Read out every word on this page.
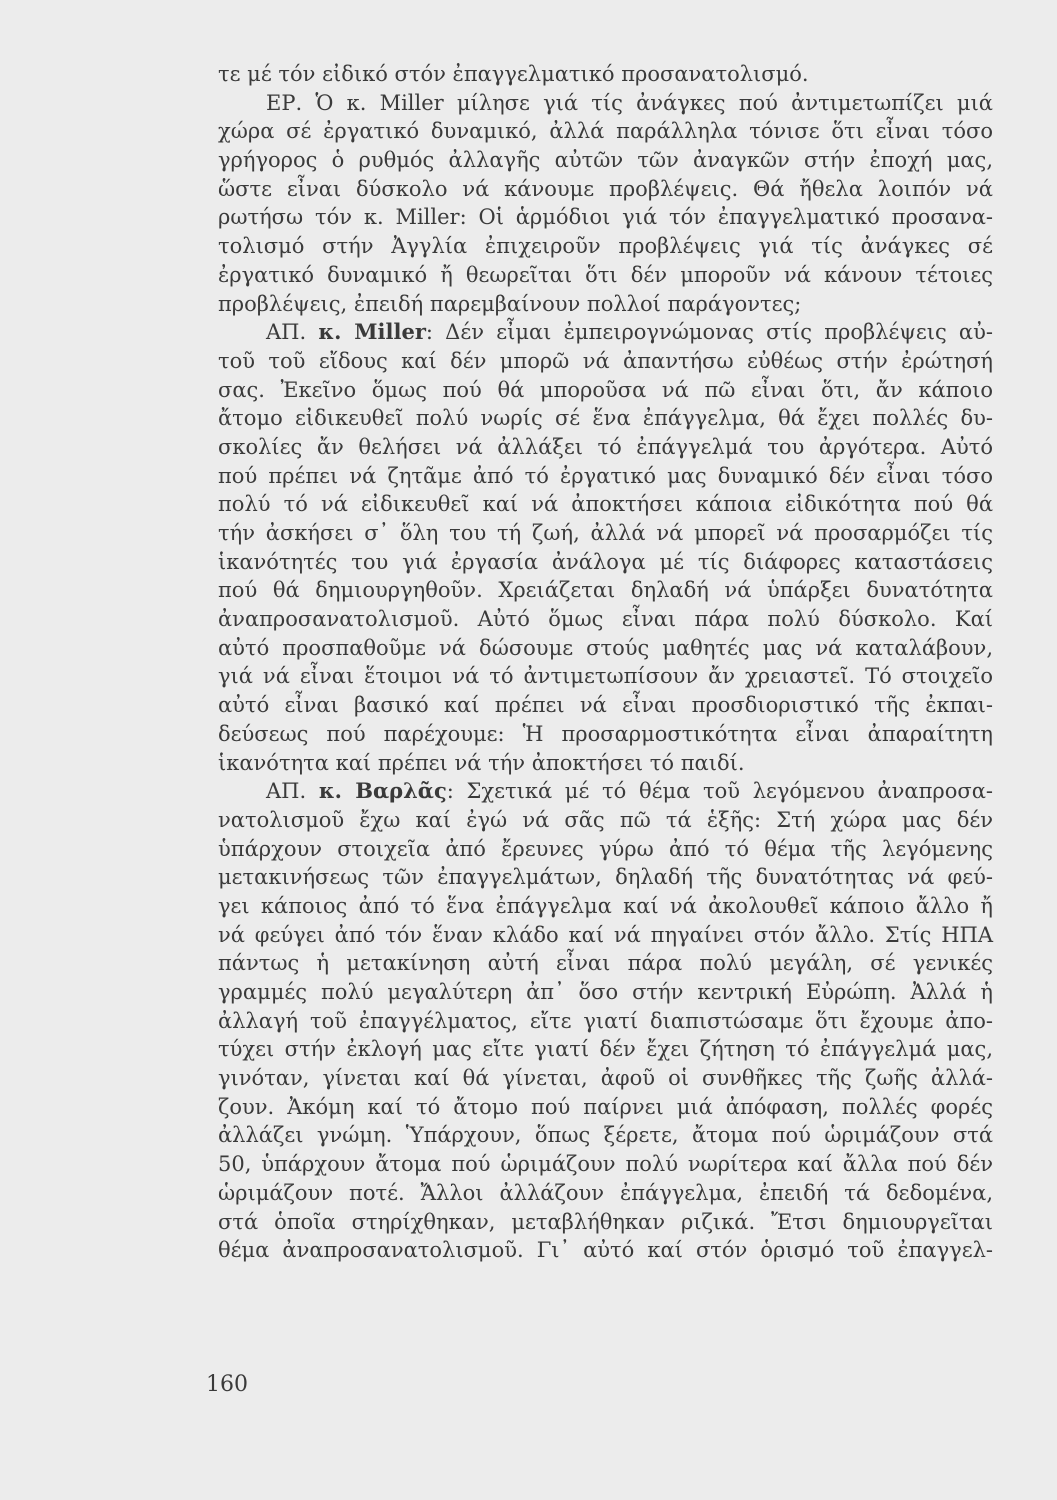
τε μέ τόν εἰδικό στόν ἐπαγγελματικό προσανατολισμό.
ΕΡ. Ὁ κ. Miller μίλησε γιά τίς ἀνάγκες πού ἀντιμετωπίζει μιά
χώρα σέ ἐργατικό δυναμικό, ἀλλά παράλληλα τόνισε ὅτι εἶναι τόσο
γρήγορος ὁ ρυθμός ἀλλαγῆς αὐτῶν τῶν ἀναγκῶν στήν ἐποχή μας,
ὥστε εἶναι δύσκολο νά κάνουμε προβλέψεις. Θά ἤθελα λοιπόν νά
ρωτήσω τόν κ. Miller: Οἱ ἁρμόδιοι γιά τόν ἐπαγγελματικό προσανα-
τολισμό στήν Ἀγγλία ἐπιχειροῦν προβλέψεις γιά τίς ἀνάγκες σέ
ἐργατικό δυναμικό ἤ θεωρεῖται ὅτι δέν μποροῦν νά κάνουν τέτοιες
προβλέψεις, ἐπειδή παρεμβαίνουν πολλοί παράγοντες;
ΑΠ. κ. Miller: Δέν εἶμαι ἐμπειρογνώμονας στίς προβλέψεις αὐ-
τοῦ τοῦ εἴδους καί δέν μπορῶ νά ἀπαντήσω εὐθέως στήν ἐρώτησή
σας. Ἐκεῖνο ὅμως πού θά μποροῦσα νά πῶ εἶναι ὅτι, ἄν κάποιο
ἄτομο εἰδικευθεῖ πολύ νωρίς σέ ἕνα ἐπάγγελμα, θά ἔχει πολλές δυ-
σκολίες ἄν θελήσει νά ἀλλάξει τό ἐπάγγελμά του ἀργότερα. Αὐτό
πού πρέπει νά ζητᾶμε ἀπό τό ἐργατικό μας δυναμικό δέν εἶναι τόσο
πολύ τό νά εἰδικευθεῖ καί νά ἀποκτήσει κάποια εἰδικότητα πού θά
τήν ἀσκήσει σ᾽ ὅλη του τή ζωή, ἀλλά νά μπορεῖ νά προσαρμόζει τίς
ἱκανότητές του γιά ἐργασία ἀνάλογα μέ τίς διάφορες καταστάσεις
πού θά δημιουργηθοῦν. Χρειάζεται δηλαδή νά ὑπάρξει δυνατότητα
ἀναπροσανατολισμοῦ. Αὐτό ὅμως εἶναι πάρα πολύ δύσκολο. Καί
αὐτό προσπαθοῦμε νά δώσουμε στούς μαθητές μας νά καταλάβουν,
γιά νά εἶναι ἕτοιμοι νά τό ἀντιμετωπίσουν ἄν χρειαστεῖ. Τό στοιχεῖο
αὐτό εἶναι βασικό καί πρέπει νά εἶναι προσδιοριστικό τῆς ἐκπαι-
δεύσεως πού παρέχουμε: Ἡ προσαρμοστικότητα εἶναι ἀπαραίτητη
ἱκανότητα καί πρέπει νά τήν ἀποκτήσει τό παιδί.
ΑΠ. κ. Βαρλᾶς: Σχετικά μέ τό θέμα τοῦ λεγόμενου ἀναπροσα-
νατολισμοῦ ἔχω καί ἐγώ νά σᾶς πῶ τά ἑξῆς: Στή χώρα μας δέν
ὑπάρχουν στοιχεῖα ἀπό ἔρευνες γύρω ἀπό τό θέμα τῆς λεγόμενης
μετακινήσεως τῶν ἐπαγγελμάτων, δηλαδή τῆς δυνατότητας νά φεύ-
γει κάποιος ἀπό τό ἕνα ἐπάγγελμα καί νά ἀκολουθεῖ κάποιο ἄλλο ἤ
νά φεύγει ἀπό τόν ἕναν κλάδο καί νά πηγαίνει στόν ἄλλο. Στίς ΗΠΑ
πάντως ἡ μετακίνηση αὐτή εἶναι πάρα πολύ μεγάλη, σέ γενικές
γραμμές πολύ μεγαλύτερη ἀπ᾽ ὅσο στήν κεντρική Εὐρώπη. Ἀλλά ἡ
ἀλλαγή τοῦ ἐπαγγέλματος, εἴτε γιατί διαπιστώσαμε ὅτι ἔχουμε ἀπο-
τύχει στήν ἐκλογή μας εἴτε γιατί δέν ἔχει ζήτηση τό ἐπάγγελμά μας,
γινόταν, γίνεται καί θά γίνεται, ἀφοῦ οἱ συνθῆκες τῆς ζωῆς ἀλλά-
ζουν. Ἀκόμη καί τό ἄτομο πού παίρνει μιά ἀπόφαση, πολλές φορές
ἀλλάζει γνώμη. Ὑπάρχουν, ὅπως ξέρετε, ἄτομα πού ὡριμάζουν στά
50, ὑπάρχουν ἄτομα πού ὡριμάζουν πολύ νωρίτερα καί ἄλλα πού δέν
ὡριμάζουν ποτέ. Ἄλλοι ἀλλάζουν ἐπάγγελμα, ἐπειδή τά δεδομένα,
στά ὁποῖα στηρίχθηκαν, μεταβλήθηκαν ριζικά. Ἔτσι δημιουργεῖται
θέμα ἀναπροσανατολισμοῦ. Γι᾽ αὐτό καί στόν ὁρισμό τοῦ ἐπαγγελ-
160
